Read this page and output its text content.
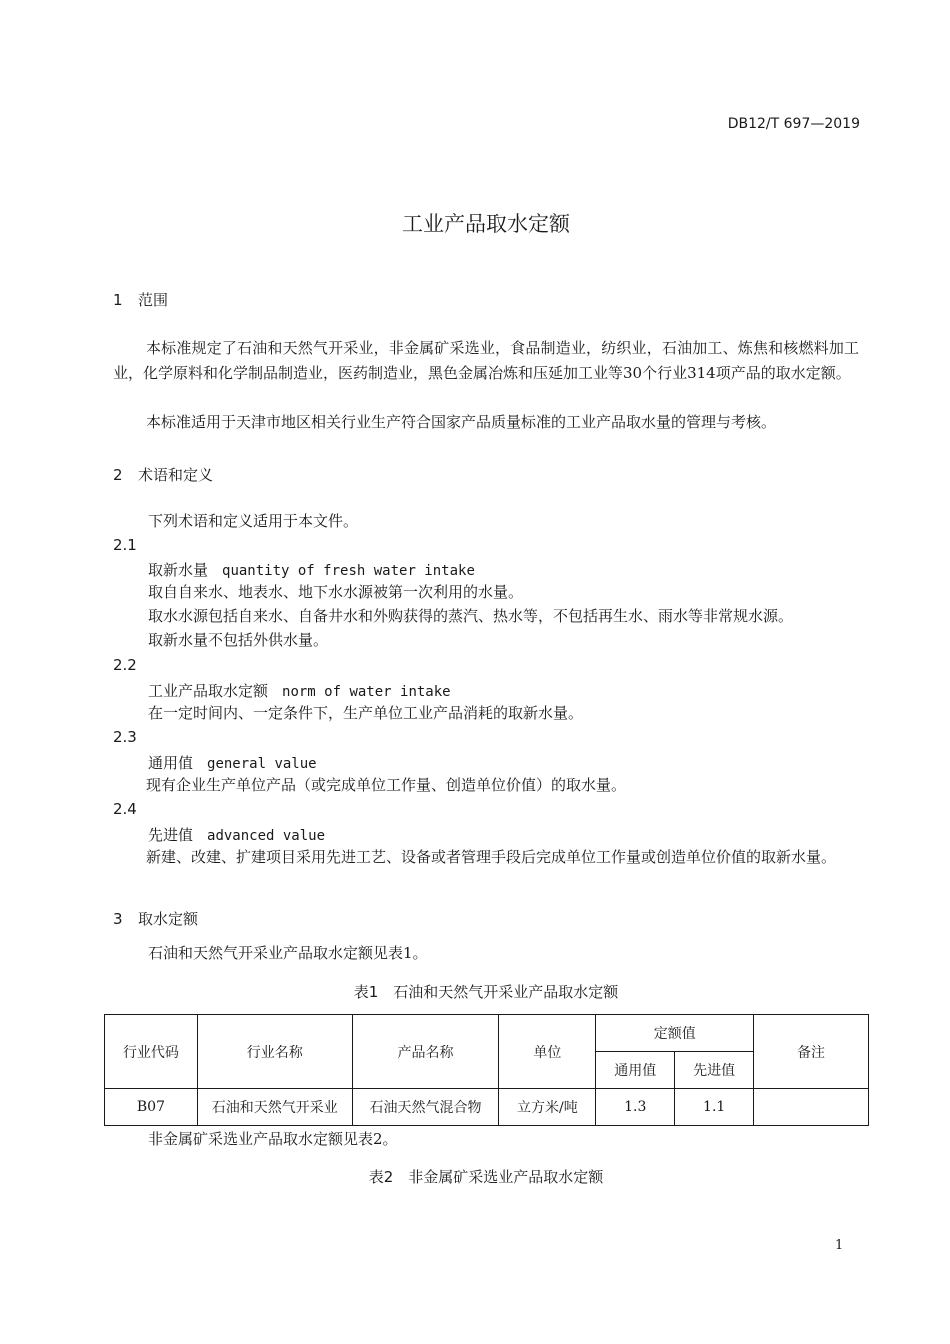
DB12/T 697—2019
工业产品取水定额
1 范围
本标准规定了石油和天然气开采业，非金属矿采选业，食品制造业，纺织业，石油加工、炼焦和核燃料加工业，化学原料和化学制品制造业，医药制造业，黑色金属冶炼和压延加工业等30个行业314项产品的取水定额。
本标准适用于天津市地区相关行业生产符合国家产品质量标准的工业产品取水量的管理与考核。
2 术语和定义
下列术语和定义适用于本文件。
2.1
取新水量 quantity of fresh water intake
取自自来水、地表水、地下水水源被第一次利用的水量。
取水水源包括自来水、自备井水和外购获得的蒸汽、热水等，不包括再生水、雨水等非常规水源。
取新水量不包括外供水量。
2.2
工业产品取水定额 norm of water intake
在一定时间内、一定条件下，生产单位工业产品消耗的取新水量。
2.3
通用值 general value
现有企业生产单位产品（或完成单位工作量、创造单位价值）的取水量。
2.4
先进值 advanced value
新建、改建、扩建项目采用先进工艺、设备或者管理手段后完成单位工作量或创造单位价值的取新水量。
3 取水定额
石油和天然气开采业产品取水定额见表1。
表1　石油和天然气开采业产品取水定额
行业代码	行业名称	产品名称	单位	定额值		备注
				通用值	先进值	
B07	石油和天然气开采业	石油天然气混合物	立方米/吨	1.3	1.1	
非金属矿采选业产品取水定额见表2。
表2　非金属矿采选业产品取水定额
1
